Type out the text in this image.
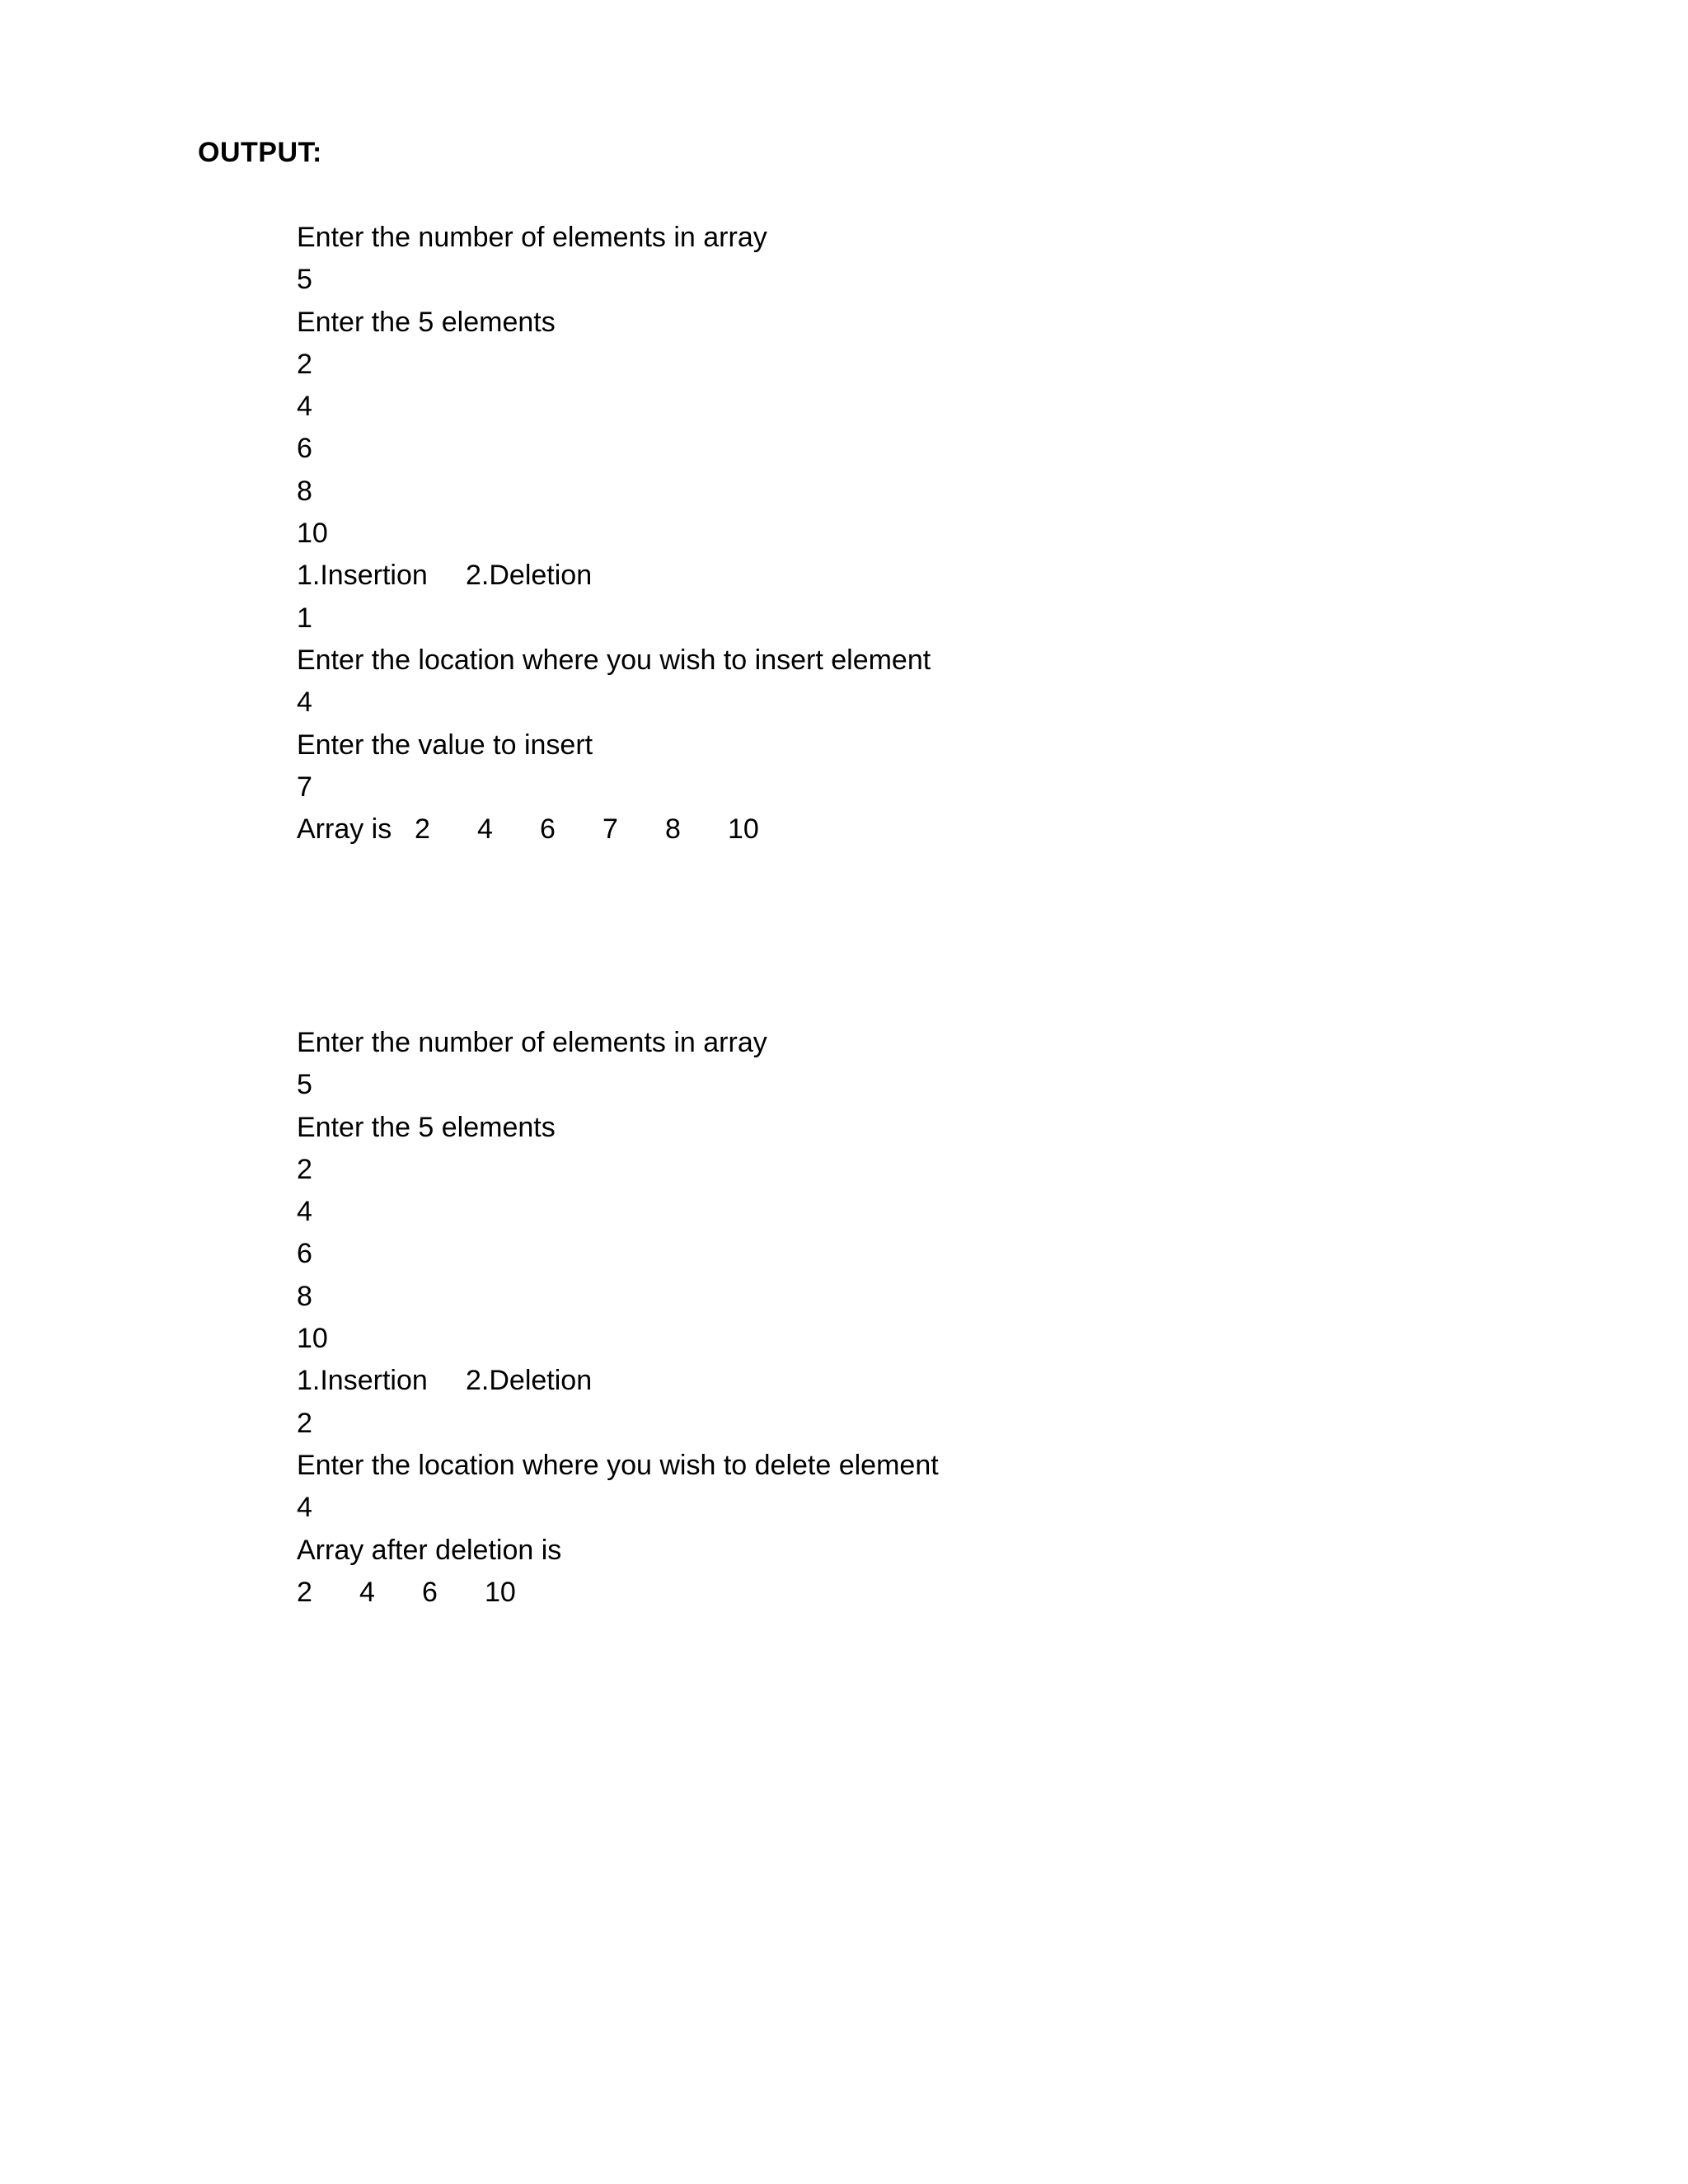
OUTPUT:
Enter the number of elements in array
5
Enter the 5 elements
2
4
6
8
10
1.Insertion 2.Deletion
1
Enter the location where you wish to insert element
4
Enter the value to insert
7
Array is 2 4 6 7 8 10
Enter the number of elements in array
5
Enter the 5 elements
2
4
6
8
10
1.Insertion 2.Deletion
2
Enter the location where you wish to delete element
4
Array after deletion is
2 4 6 10
